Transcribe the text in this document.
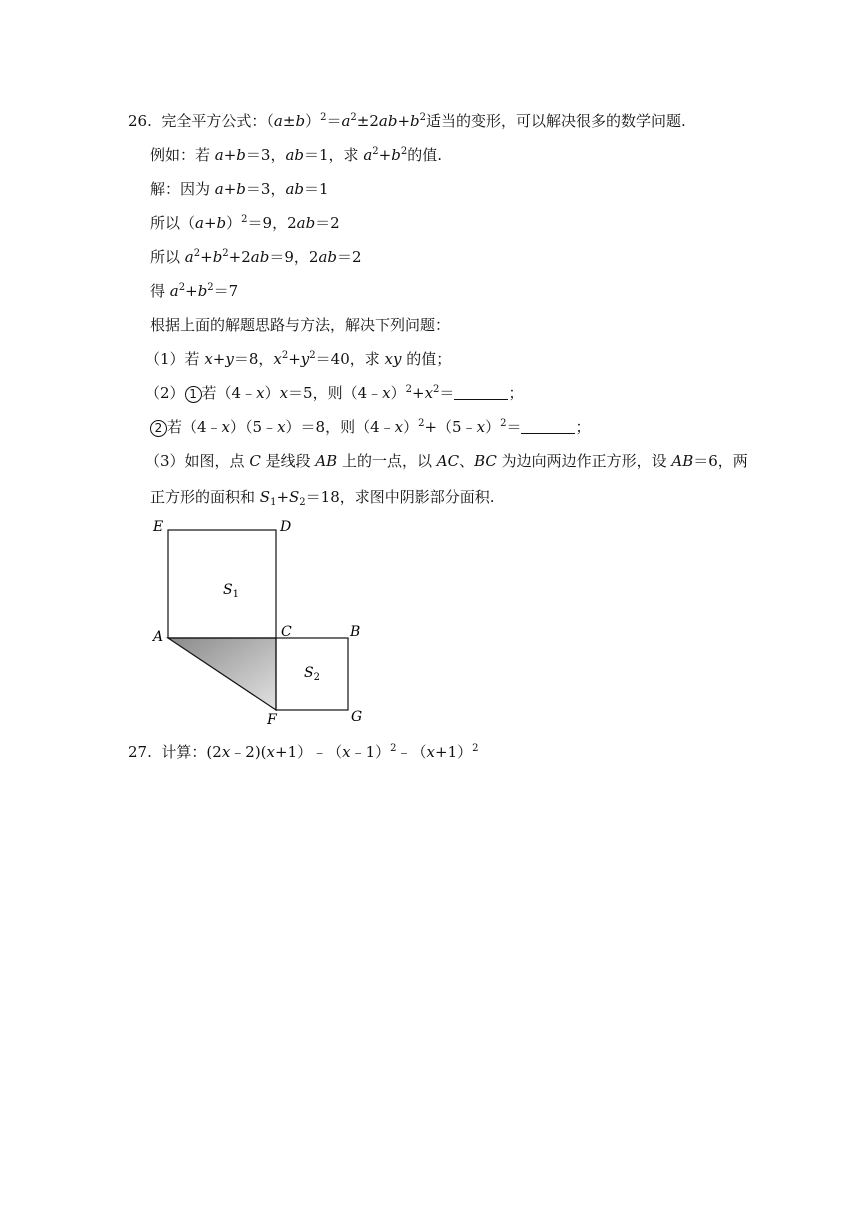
26. 完全平方公式：$(a\pm b)^2=a^2\pm 2ab+b^2$适当的变形，可以解决很多的数学问题.
例如：若 a+b＝3，ab＝1，求 $a^2+b^2$的值.
解：因为 a+b＝3，ab＝1
所以$(a+b)^2=9$，2ab＝2
所以 $a^2+b^2+2ab=9$，2ab＝2
得 $a^2+b^2=7$
根据上面的解题思路与方法，解决下列问题：
（1）若 x+y＝8，$x^2+y^2=40$，求 xy 的值；
（2） 1 若（4﹣x）x＝5，则$(4﹣x)^2+x^2=$	；
2 若（4﹣x）（5﹣x）＝8，则（4﹣x）$^2$+（5﹣x）$^2$＝	；
（3）如图，点 C 是线段 AB 上的一点，以 AC、BC 为边向两边作正方形，设 AB＝6，两
正方形的面积和 $S_1+S_2=18$，求图中阴影部分面积.
E	D
A	C	B
F	G
$S_1$
$S_2$
27. 计算：$(2x﹣2)(x+1)﹣(x﹣1)^2﹣(x+1)^2$
